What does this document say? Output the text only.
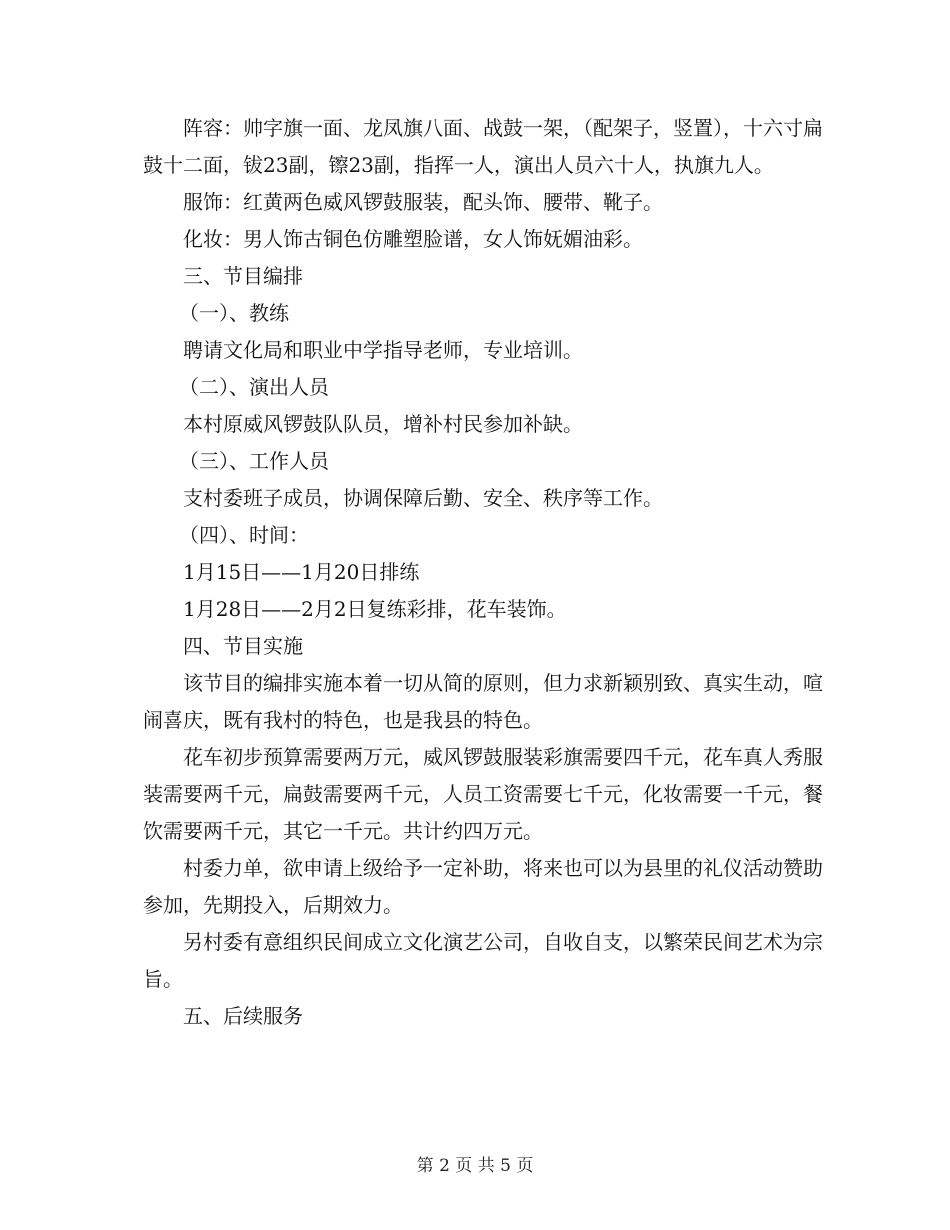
阵容：帅字旗一面、龙凤旗八面、战鼓一架，（配架子，竖置），十六寸扁鼓十二面，钹23副，镲23副，指挥一人，演出人员六十人，执旗九人。

服饰：红黄两色威风锣鼓服装，配头饰、腰带、靴子。

化妆：男人饰古铜色仿雕塑脸谱，女人饰妩媚油彩。

三、节目编排

（一）、教练

聘请文化局和职业中学指导老师，专业培训。

（二）、演出人员

本村原威风锣鼓队队员，增补村民参加补缺。

（三）、工作人员

支村委班子成员，协调保障后勤、安全、秩序等工作。

（四）、时间：

1月15日——1月20日排练

1月28日——2月2日复练彩排，花车装饰。

四、节目实施

该节目的编排实施本着一切从简的原则，但力求新颖别致、真实生动，喧闹喜庆，既有我村的特色，也是我县的特色。

花车初步预算需要两万元，威风锣鼓服装彩旗需要四千元，花车真人秀服装需要两千元，扁鼓需要两千元，人员工资需要七千元，化妆需要一千元，餐饮需要两千元，其它一千元。共计约四万元。

村委力单，欲申请上级给予一定补助，将来也可以为县里的礼仪活动赞助参加，先期投入，后期效力。

另村委有意组织民间成立文化演艺公司，自收自支，以繁荣民间艺术为宗旨。

五、后续服务

第 2 页 共 5 页
